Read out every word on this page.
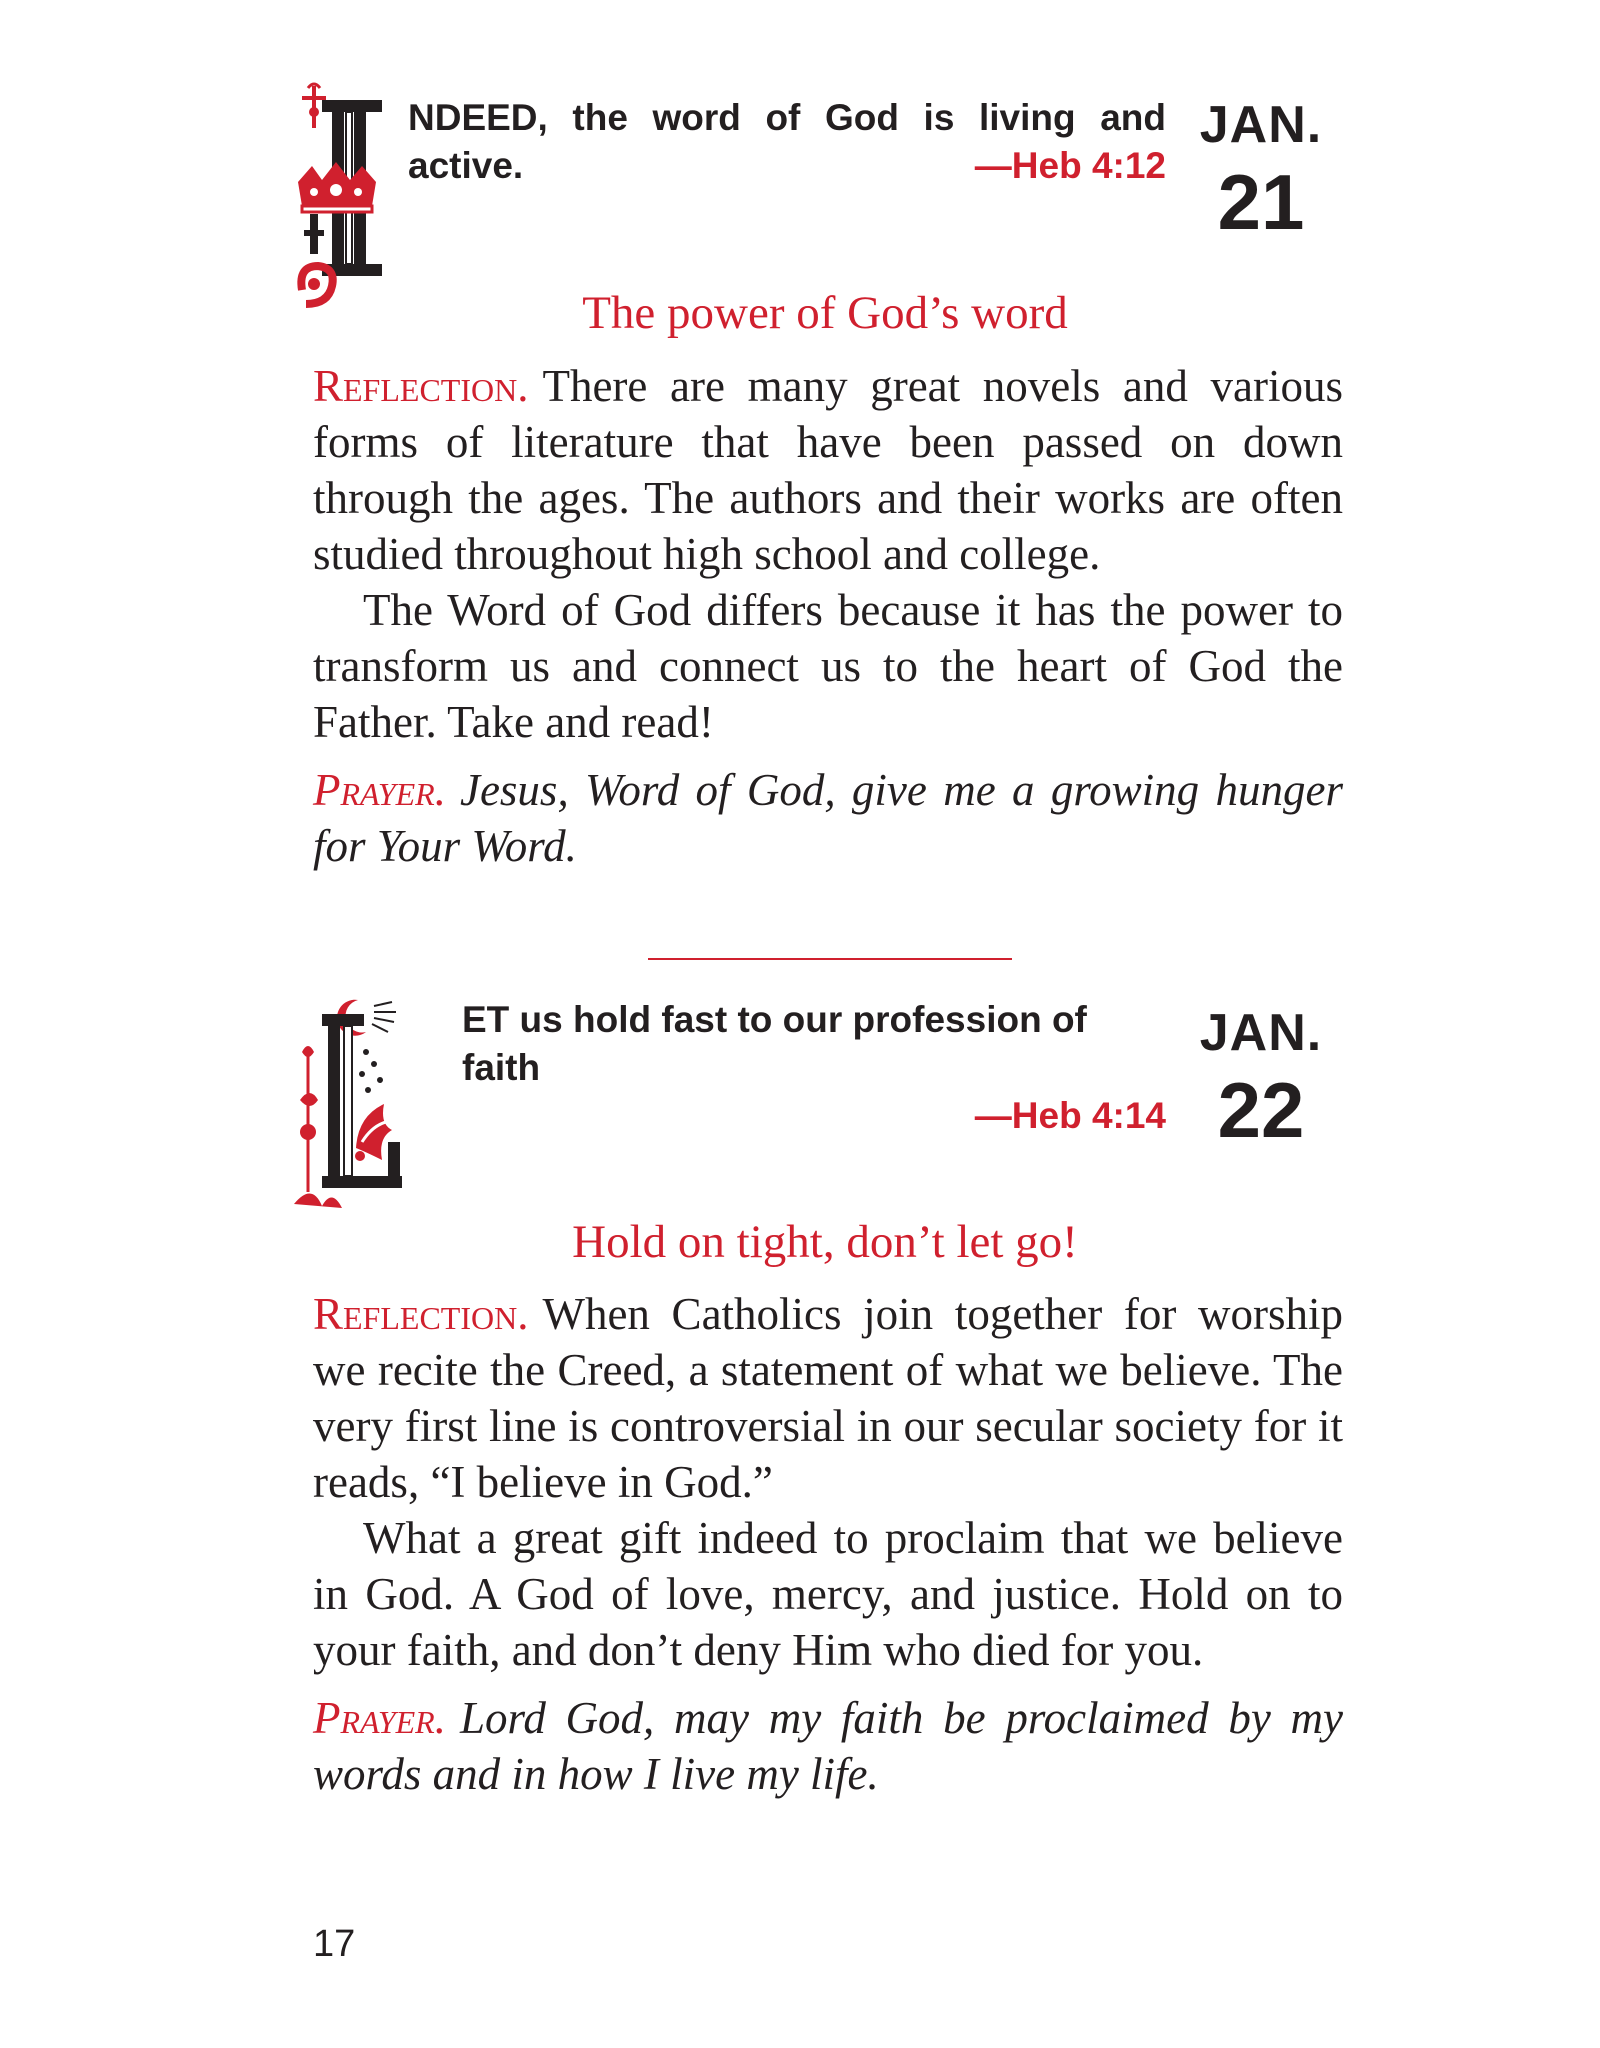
NDEED, the word of God is living and active.	—Heb 4:12
JAN.
21
The power of God’s word

Reflection. There are many great novels and various forms of literature that have been passed on down through the ages. The authors and their works are often studied throughout high school and college.

The Word of God differs because it has the power to transform us and connect us to the heart of God the Father. Take and read!

Prayer. Jesus, Word of God, give me a growing hunger for Your Word.

ET us hold fast to our profession of faith
—Heb 4:14
JAN.
22
Hold on tight, don’t let go!

Reflection. When Catholics join together for worship we recite the Creed, a statement of what we believe. The very first line is controversial in our secular society for it reads, “I believe in God.”

What a great gift indeed to proclaim that we believe in God. A God of love, mercy, and justice. Hold on to your faith, and don’t deny Him who died for you.

Prayer. Lord God, may my faith be proclaimed by my words and in how I live my life.

17
